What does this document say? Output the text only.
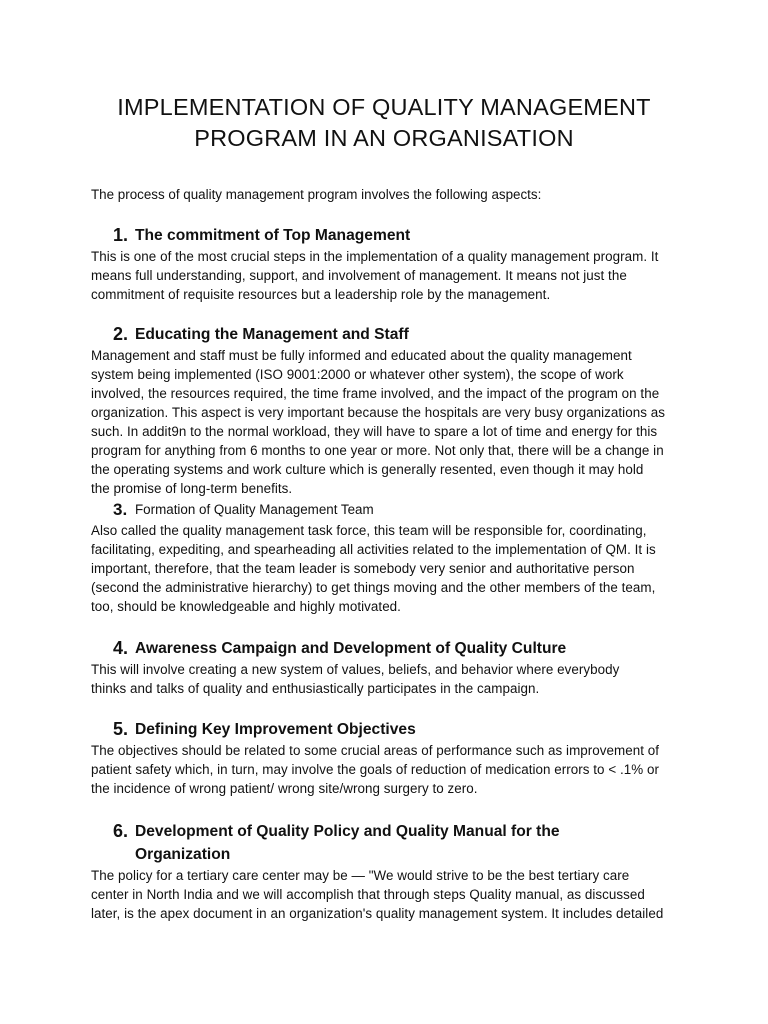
IMPLEMENTATION OF QUALITY MANAGEMENT
PROGRAM IN AN ORGANISATION

The process of quality management program involves the following aspects:

1. The commitment of Top Management

This is one of the most crucial steps in the implementation of a quality management program. It
means full understanding, support, and involvement of management. It means not just the
commitment of requisite resources but a leadership role by the management.

2. Educating the Management and Staff

Management and staff must be fully informed and educated about the quality management
system being implemented (ISO 9001:2000 or whatever other system), the scope of work
involved, the resources required, the time frame involved, and the impact of the program on the
organization. This aspect is very important because the hospitals are very busy organizations as
such. In addit9n to the normal workload, they will have to spare a lot of time and energy for this
program for anything from 6 months to one year or more. Not only that, there will be a change in
the operating systems and work culture which is generally resented, even though it may hold
the promise of long-term benefits.

3. Formation of Quality Management Team

Also called the quality management task force, this team will be responsible for, coordinating,
facilitating, expediting, and spearheading all activities related to the implementation of QM. It is
important, therefore, that the team leader is somebody very senior and authoritative person
(second the administrative hierarchy) to get things moving and the other members of the team,
too, should be knowledgeable and highly motivated.

4. Awareness Campaign and Development of Quality Culture

This will involve creating a new system of values, beliefs, and behavior where everybody
thinks and talks of quality and enthusiastically participates in the campaign.

5. Defining Key Improvement Objectives

The objectives should be related to some crucial areas of performance such as improvement of
patient safety which, in turn, may involve the goals of reduction of medication errors to < .1% or
the incidence of wrong patient/ wrong site/wrong surgery to zero.

6. Development of Quality Policy and Quality Manual for the
Organization

The policy for a tertiary care center may be — "We would strive to be the best tertiary care
center in North India and we will accomplish that through steps Quality manual, as discussed
later, is the apex document in an organization's quality management system. It includes detailed
